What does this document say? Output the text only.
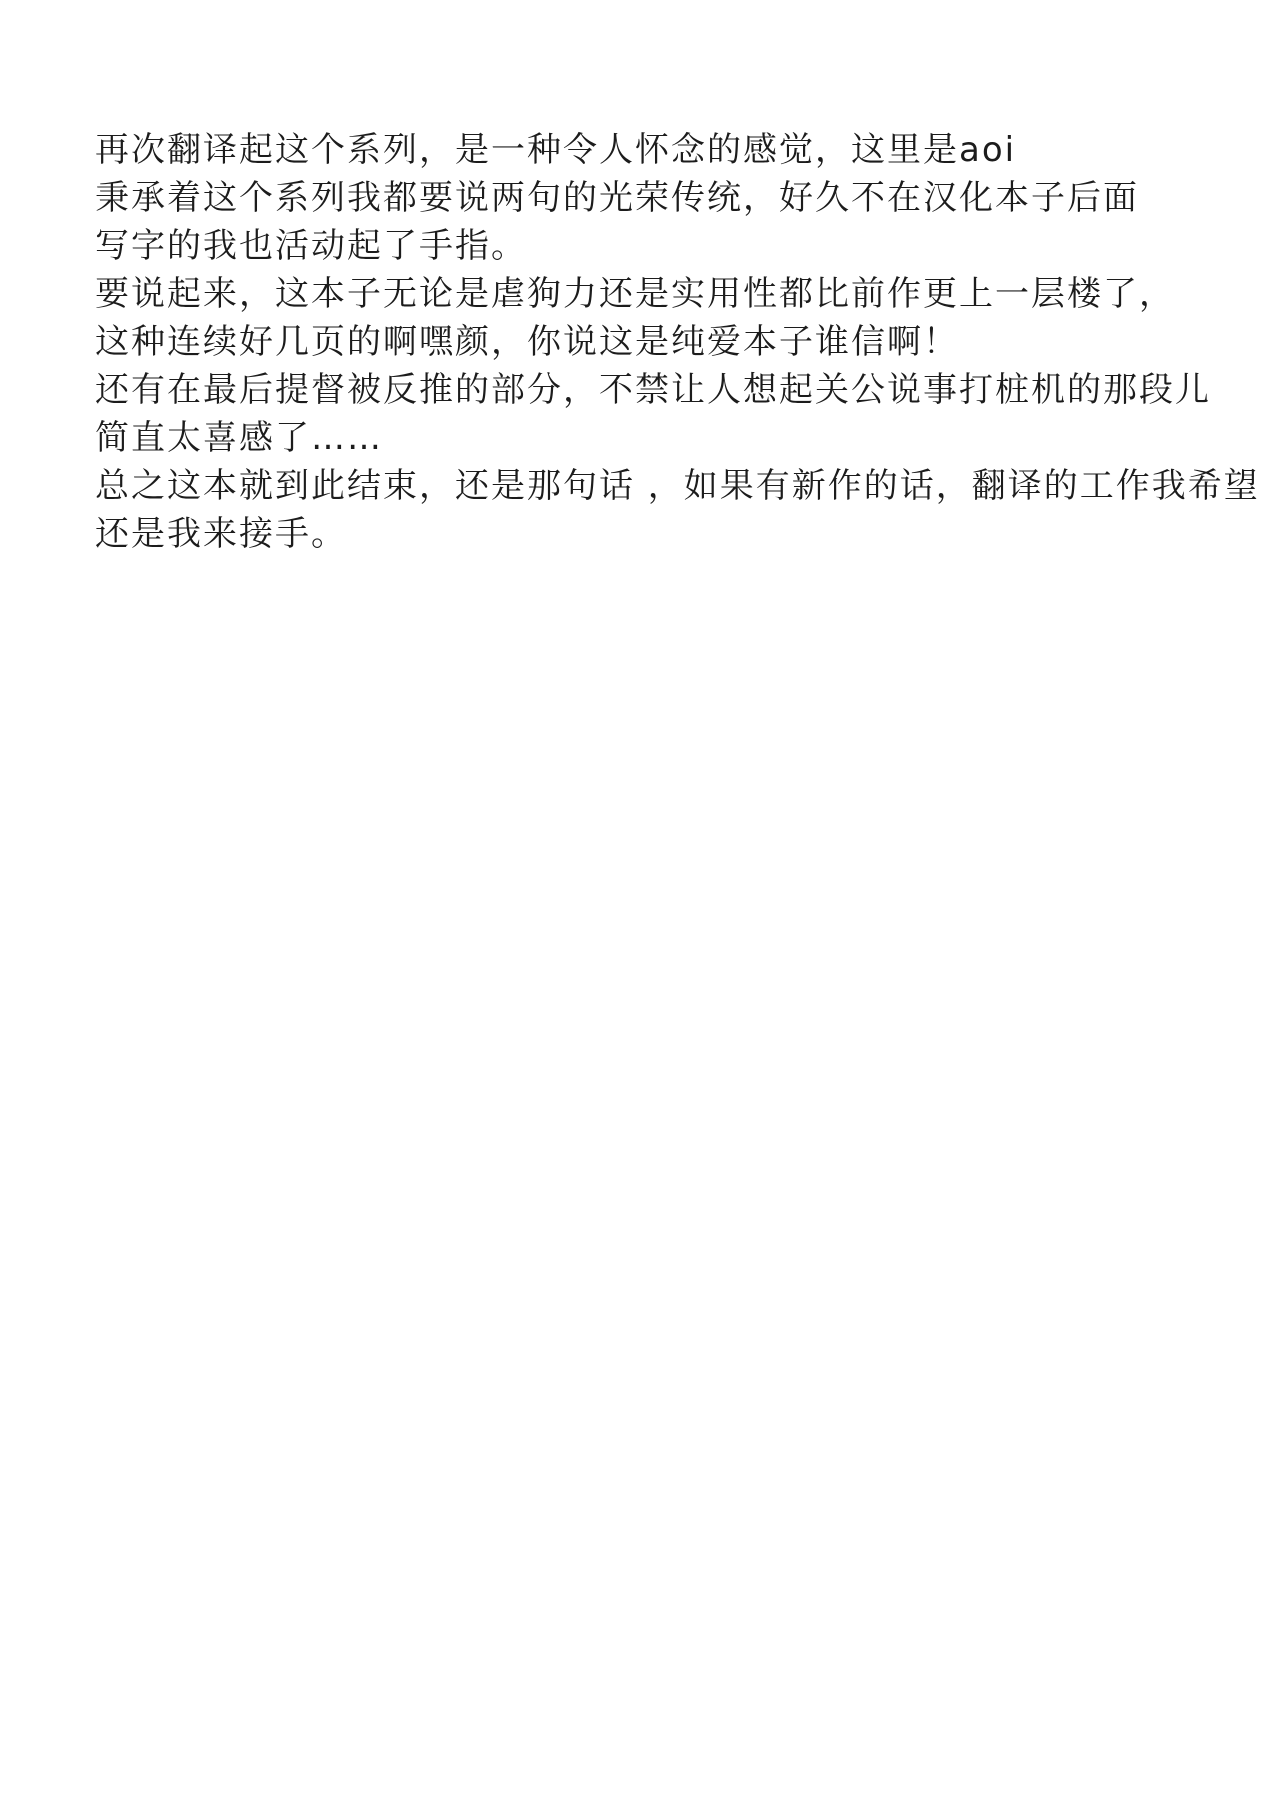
再次翻译起这个系列，是一种令人怀念的感觉，这里是aoi

秉承着这个系列我都要说两句的光荣传统，好久不在汉化本子后面

写字的我也活动起了手指。

要说起来，这本子无论是虐狗力还是实用性都比前作更上一层楼了，

这种连续好几页的啊嘿颜，你说这是纯爱本子谁信啊！

还有在最后提督被反推的部分，不禁让人想起关公说事打桩机的那段儿

简直太喜感了……

总之这本就到此结束，还是那句话 ，如果有新作的话，翻译的工作我希望

还是我来接手。
